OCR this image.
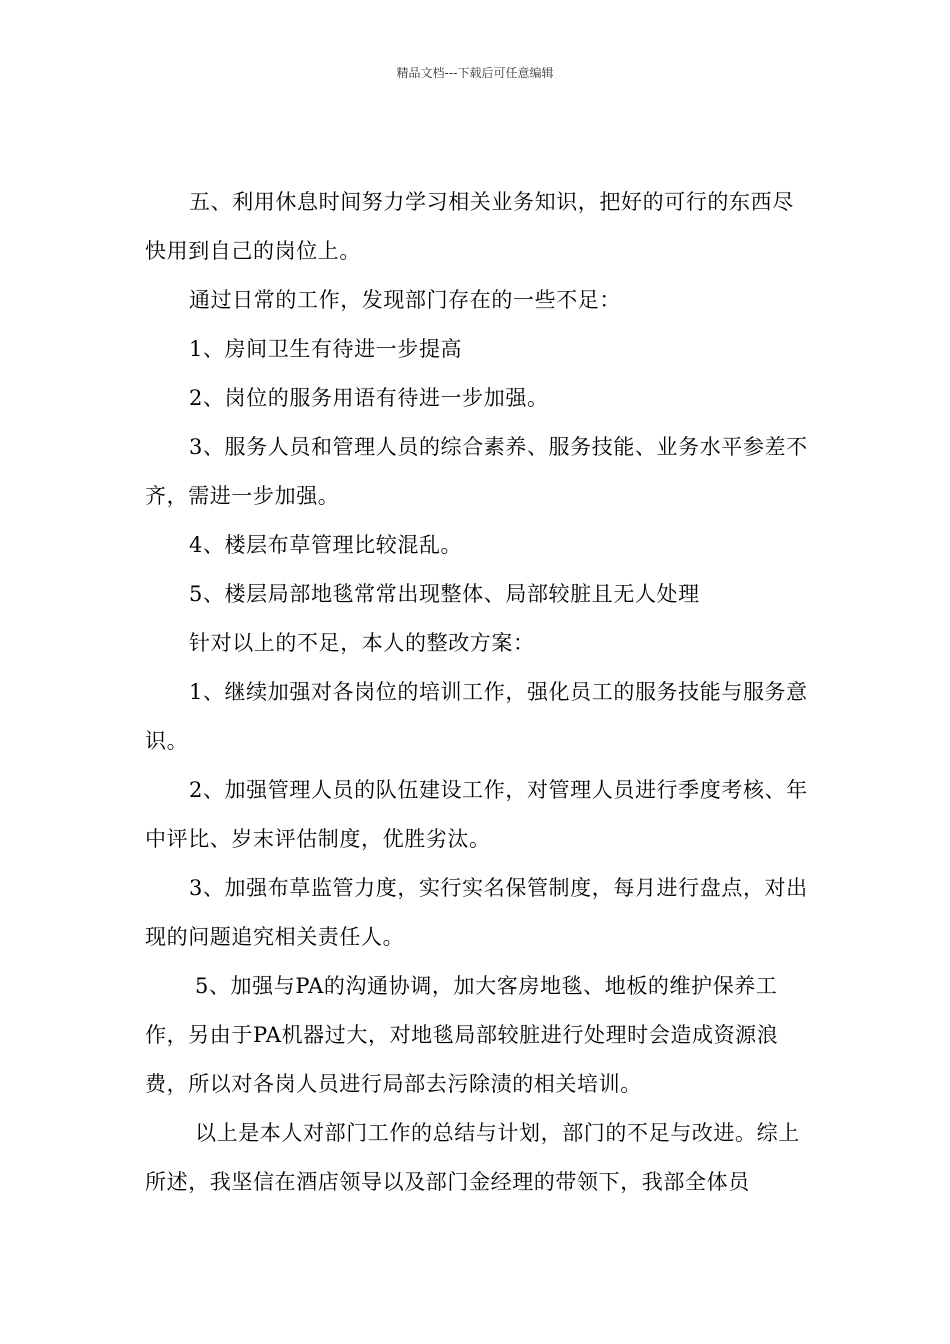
精品文档---下载后可任意编辑

五、利用休息时间努力学习相关业务知识，把好的可行的东西尽快用到自己的岗位上。

通过日常的工作，发现部门存在的一些不足：

1、房间卫生有待进一步提高

2、岗位的服务用语有待进一步加强。

3、服务人员和管理人员的综合素养、服务技能、业务水平参差不齐，需进一步加强。

4、楼层布草管理比较混乱。

5、楼层局部地毯常常出现整体、局部较脏且无人处理

针对以上的不足，本人的整改方案：

1、继续加强对各岗位的培训工作，强化员工的服务技能与服务意识。

2、加强管理人员的队伍建设工作，对管理人员进行季度考核、年中评比、岁末评估制度，优胜劣汰。

3、加强布草监管力度，实行实名保管制度，每月进行盘点，对出现的问题追究相关责任人。

5、加强与PA的沟通协调，加大客房地毯、地板的维护保养工作，另由于PA机器过大，对地毯局部较脏进行处理时会造成资源浪费，所以对各岗人员进行局部去污除渍的相关培训。

以上是本人对部门工作的总结与计划，部门的不足与改进。综上所述，我坚信在酒店领导以及部门金经理的带领下，我部全体员
